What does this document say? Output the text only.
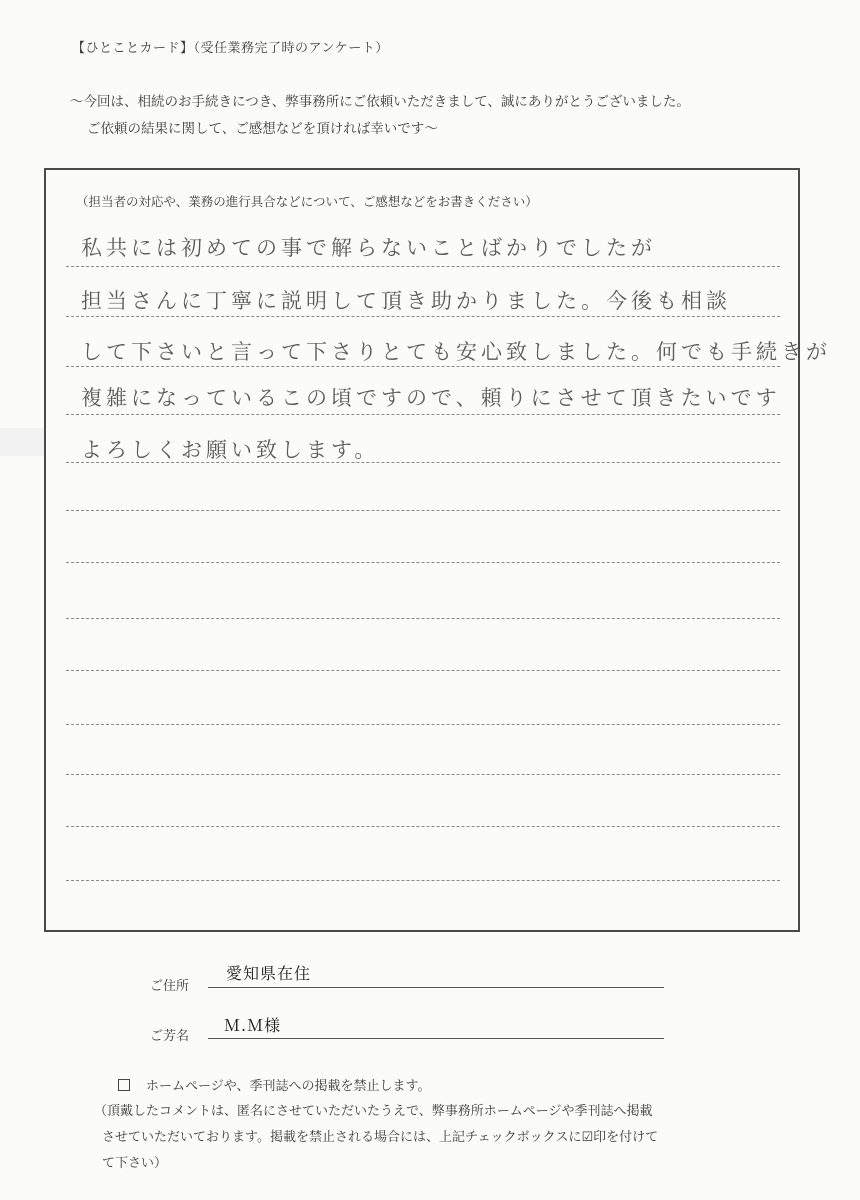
【ひとことカード】（受任業務完了時のアンケート）
～今回は、相続のお手続きにつき、弊事務所にご依頼いただきまして、誠にありがとうございました。
ご依頼の結果に関して、ご感想などを頂ければ幸いです～
（担当者の対応や、業務の進行具合などについて、ご感想などをお書きください）
私共には初めての事で解らないことばかりでしたが
担当さんに丁寧に説明して頂き助かりました。今後も相談
して下さいと言って下さりとても安心致しました。何でも手続きが
複雑になっているこの頃ですので、頼りにさせて頂きたいです
よろしくお願い致します。
ご住所
愛知県在住
ご芳名
Ｍ.Ｍ様
ホームページや、季刊誌への掲載を禁止します。
（頂戴したコメントは、匿名にさせていただいたうえで、弊事務所ホームページや季刊誌へ掲載
させていただいております。掲載を禁止される場合には、上記チェックボックスに☑印を付けて
て下さい）
